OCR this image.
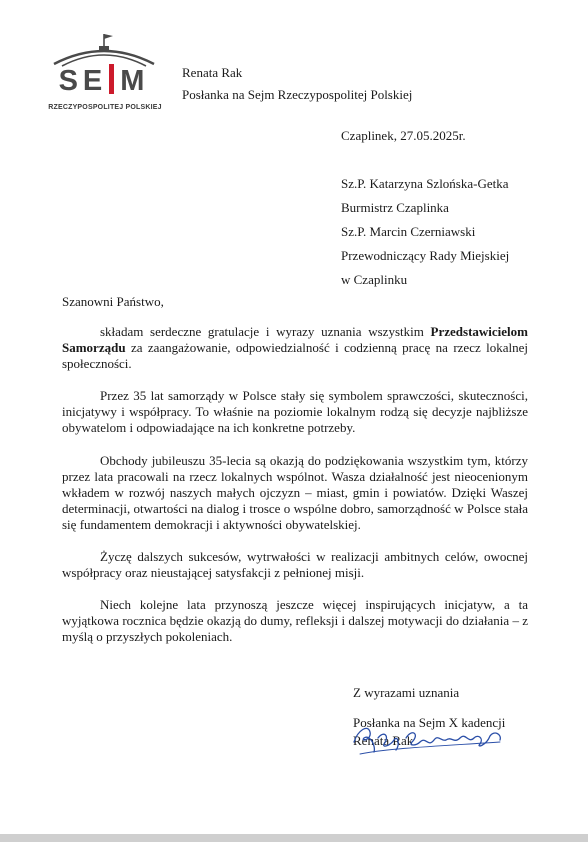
SE M
RZECZYPOSPOLITEJ POLSKIEJ
Renata Rak
Posłanka na Sejm Rzeczypospolitej Polskiej
Czaplinek, 27.05.2025r.
Sz.P. Katarzyna Szlońska-Getka
Burmistrz Czaplinka
Sz.P. Marcin Czerniawski
Przewodniczący Rady Miejskiej
w Czaplinku
Szanowni Państwo,

składam serdeczne gratulacje i wyrazy uznania wszystkim Przedstawicielom Samorządu za zaangażowanie, odpowiedzialność i codzienną pracę na rzecz lokalnej społeczności.

Przez 35 lat samorządy w Polsce stały się symbolem sprawczości, skuteczności, inicjatywy i współpracy. To właśnie na poziomie lokalnym rodzą się decyzje najbliższe obywatelom i odpowiadające na ich konkretne potrzeby.

Obchody jubileuszu 35-lecia są okazją do podziękowania wszystkim tym, którzy przez lata pracowali na rzecz lokalnych wspólnot. Wasza działalność jest nieocenionym wkładem w rozwój naszych małych ojczyzn – miast, gmin i powiatów. Dzięki Waszej determinacji, otwartości na dialog i trosce o wspólne dobro, samorządność w Polsce stała się fundamentem demokracji i aktywności obywatelskiej.

Życzę dalszych sukcesów, wytrwałości w realizacji ambitnych celów, owocnej współpracy oraz nieustającej satysfakcji z pełnionej misji.

Niech kolejne lata przynoszą jeszcze więcej inspirujących inicjatyw, a ta wyjątkowa rocznica będzie okazją do dumy, refleksji i dalszej motywacji do działania – z myślą o przyszłych pokoleniach.

Z wyrazami uznania
Posłanka na Sejm X kadencji
Renata Rak
